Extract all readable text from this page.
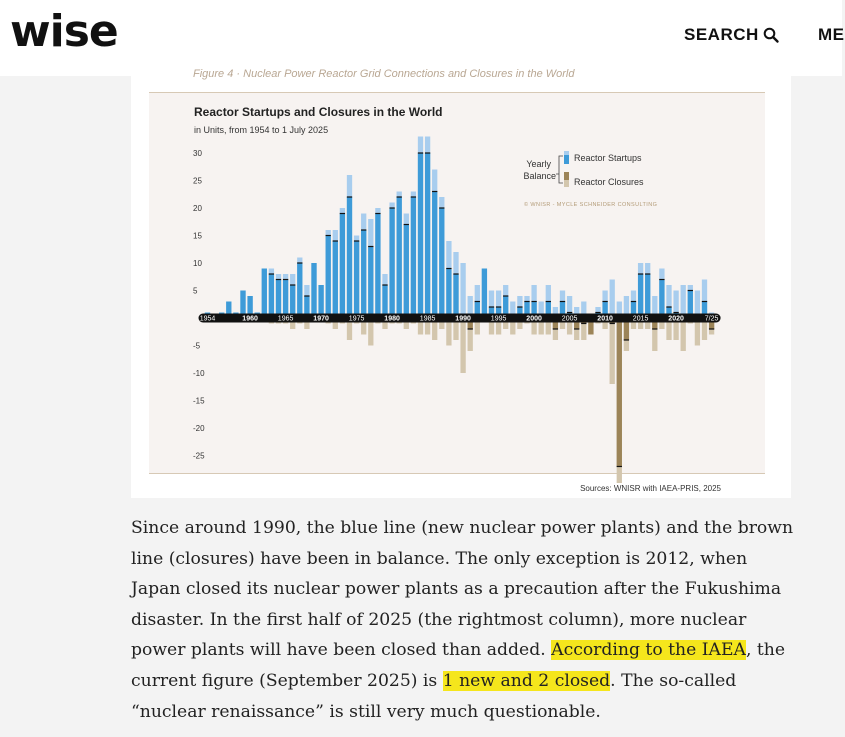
wise	SEARCH	ME
Figure 4 · Nuclear Power Reactor Grid Connections and Closures in the World
Reactor Startups and Closures in the World
in Units, from 1954 to 1 July 2025
30
25
20
15
10
5
-5
-10
-15
-20
-25
1954	1960	1965	1970	1975	1980	1985	1990	1995	2000	2005	2010	2015	2020	7/25
Yearly
Balance
Reactor Startups
Reactor Closures
© WNISR - MYCLE SCHNEIDER CONSULTING
Sources: WNISR with IAEA-PRIS, 2025
Since around 1990, the blue line (new nuclear power plants) and the brown line (closures) have been in balance. The only exception is 2012, when Japan closed its nuclear power plants as a precaution after the Fukushima disaster. In the first half of 2025 (the rightmost column), more nuclear power plants will have been closed than added. According to the IAEA, the current figure (September 2025) is 1 new and 2 closed. The so-called “nuclear renaissance” is still very much questionable.
